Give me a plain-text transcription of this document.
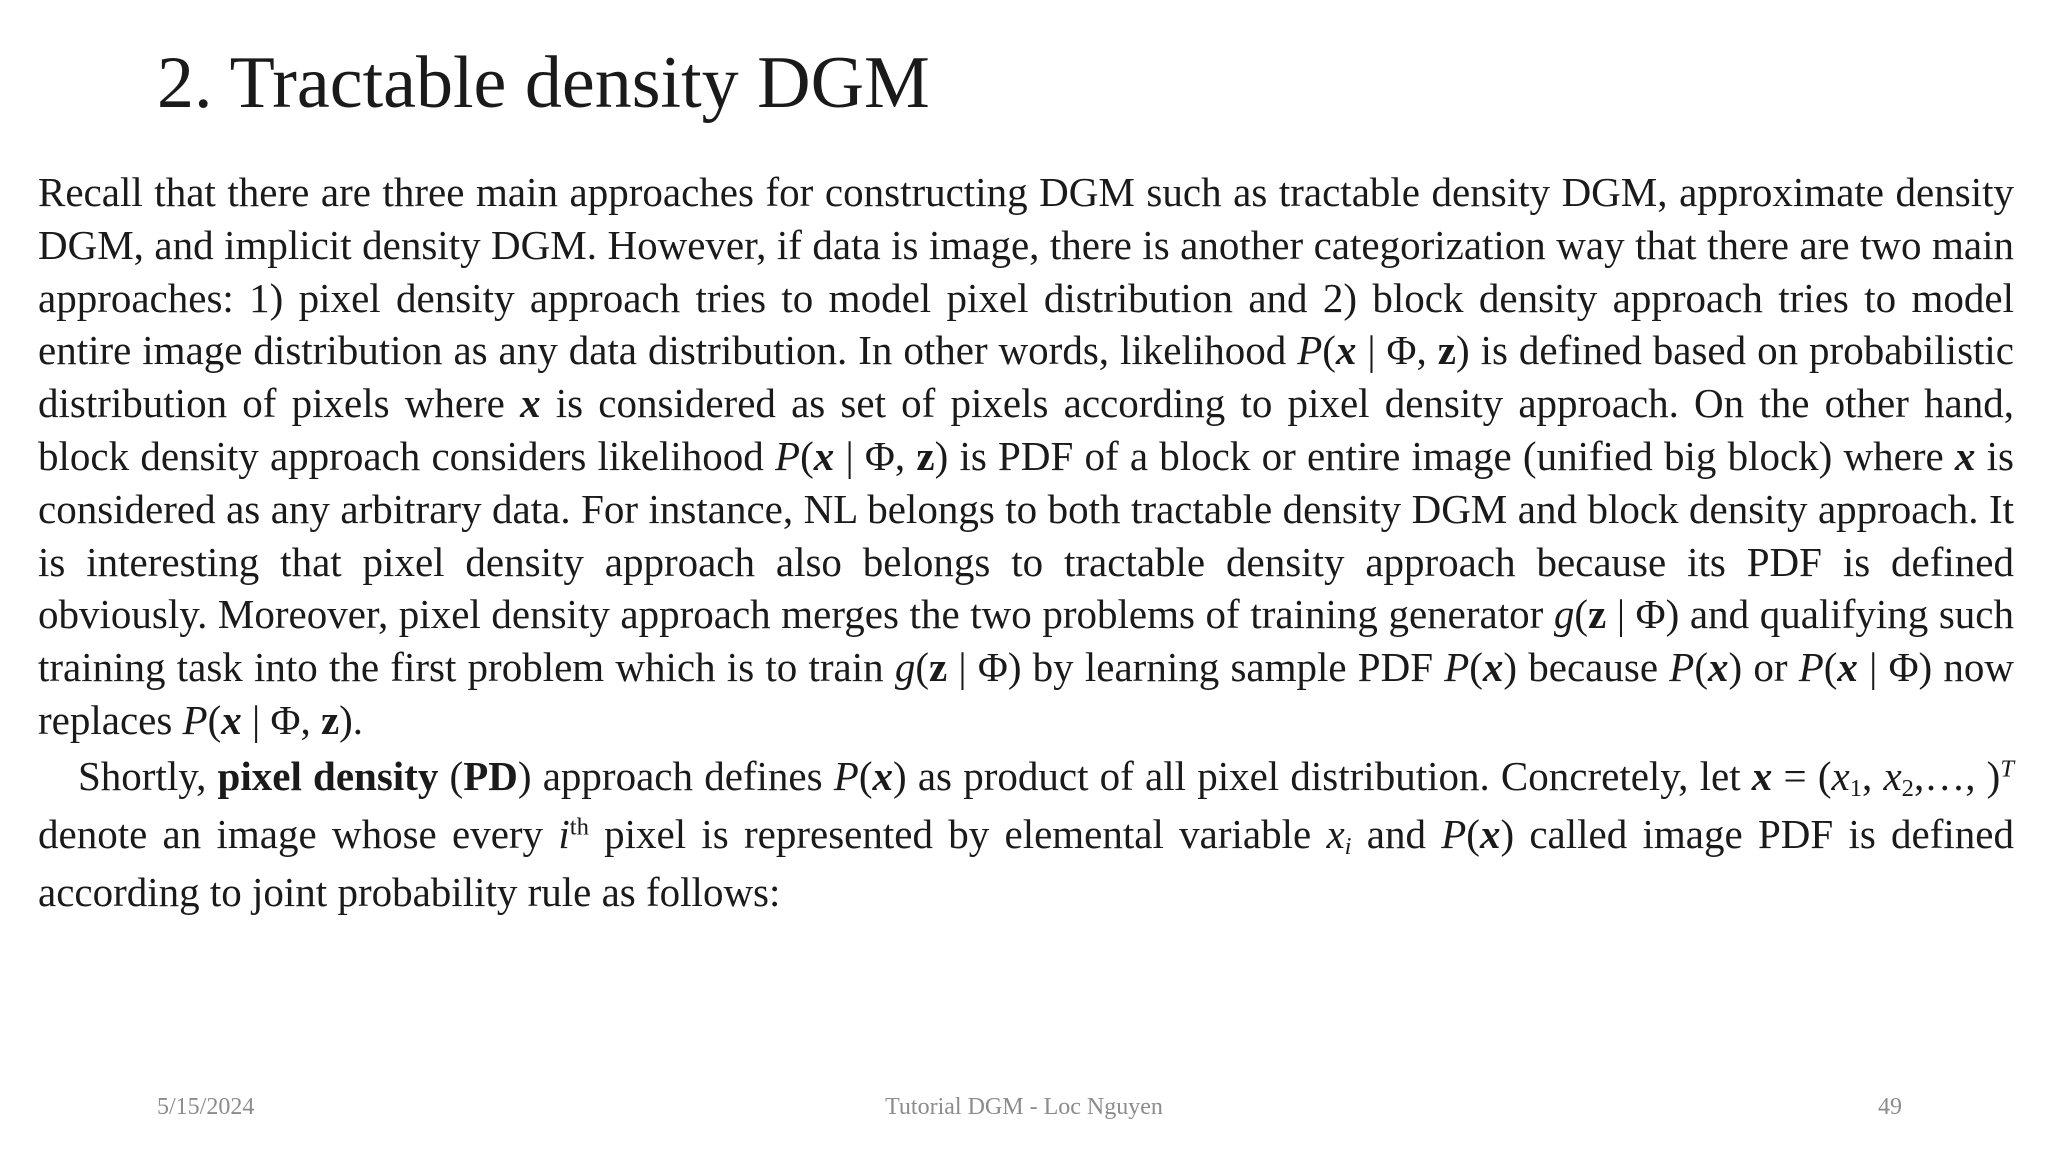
2. Tractable density DGM

Recall that there are three main approaches for constructing DGM such as tractable density DGM, approximate density DGM, and implicit density DGM. However, if data is image, there is another categorization way that there are two main approaches: 1) pixel density approach tries to model pixel distribution and 2) block density approach tries to model entire image distribution as any data distribution. In other words, likelihood P(x | Φ, z) is defined based on probabilistic distribution of pixels where x is considered as set of pixels according to pixel density approach. On the other hand, block density approach considers likelihood P(x | Φ, z) is PDF of a block or entire image (unified big block) where x is considered as any arbitrary data. For instance, NL belongs to both tractable density DGM and block density approach. It is interesting that pixel density approach also belongs to tractable density approach because its PDF is defined obviously. Moreover, pixel density approach merges the two problems of training generator g(z | Φ) and qualifying such training task into the first problem which is to train g(z | Φ) by learning sample PDF P(x) because P(x) or P(x | Φ) now replaces P(x | Φ, z).

Shortly, pixel density (PD) approach defines P(x) as product of all pixel distribution. Concretely, let $x = (x_1$, $x_2,\dots$, )$^T$ denote an image whose every $i^{th}$ pixel is represented by elemental variable $x_i$ and P(x) called image PDF is defined according to joint probability rule as follows:

5/15/2024	Tutorial DGM - Loc Nguyen	49
